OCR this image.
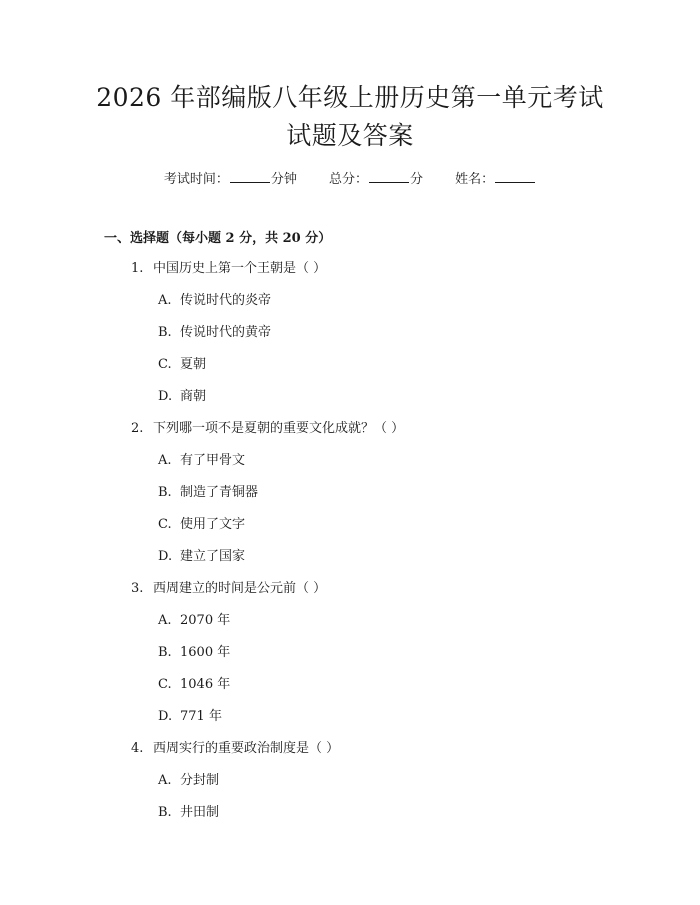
2026 年部编版八年级上册历史第一单元考试
试题及答案
考试时间：	分钟 总分：	分 姓名：
一、选择题（每小题 2 分，共 20 分）
1. 中国历史上第一个王朝是（ ）
A. 传说时代的炎帝
B. 传说时代的黄帝
C. 夏朝
D. 商朝
2. 下列哪一项不是夏朝的重要文化成就？（ ）
A. 有了甲骨文
B. 制造了青铜器
C. 使用了文字
D. 建立了国家
3. 西周建立的时间是公元前（ ）
A. 2070 年
B. 1600 年
C. 1046 年
D. 771 年
4. 西周实行的重要政治制度是（ ）
A. 分封制
B. 井田制
